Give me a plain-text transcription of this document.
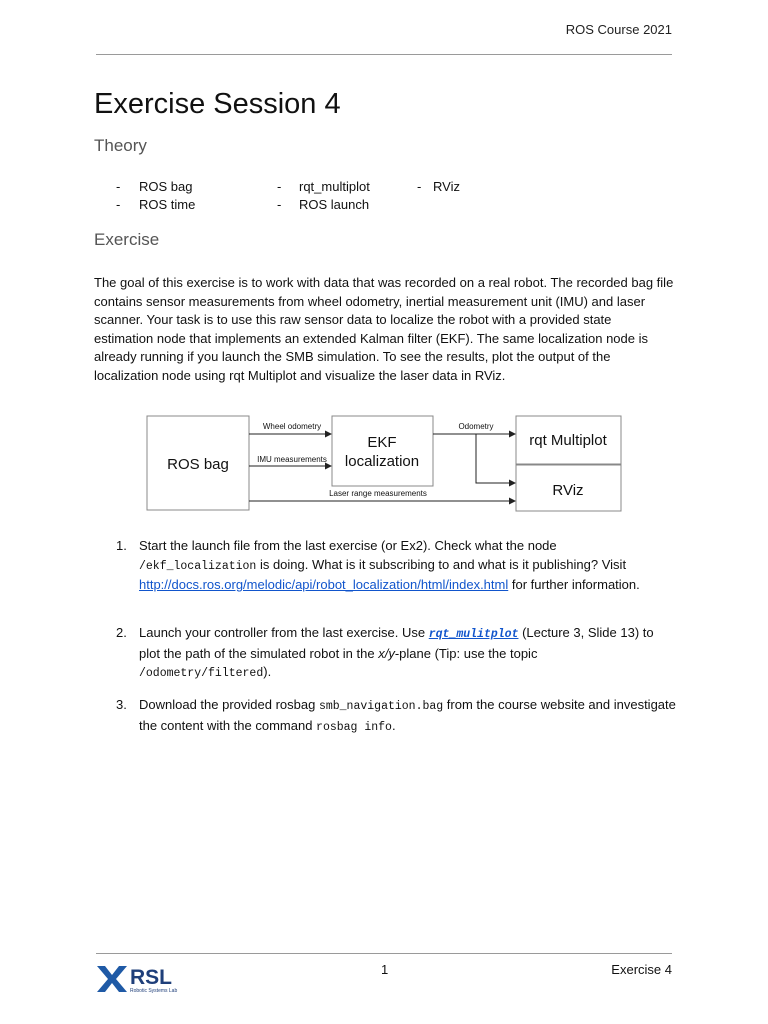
ROS Course 2021
Exercise Session 4
Theory
- ROS bag
- ROS time
- rqt_multiplot
- ROS launch
- RViz
Exercise
The goal of this exercise is to work with data that was recorded on a real robot. The recorded bag file contains sensor measurements from wheel odometry, inertial measurement unit (IMU) and laser scanner. Your task is to use this raw sensor data to localize the robot with a provided state estimation node that implements an extended Kalman filter (EKF). The same localization node is already running if you launch the SMB simulation. To see the results, plot the output of the localization node using rqt Multiplot and visualize the laser data in RViz.
ROS bag
EKF
localization
rqt Multiplot
RViz
Wheel odometry
IMU measurements
Laser range measurements
Odometry
1. Start the launch file from the last exercise (or Ex2). Check what the node
/ekf_localization is doing. What is it subscribing to and what is it publishing? Visit http://docs.ros.org/melodic/api/robot_localization/html/index.html for further information.
2. Launch your controller from the last exercise. Use rqt_mulitplot (Lecture 3, Slide 13) to plot the path of the simulated robot in the x/y-plane (Tip: use the topic
/odometry/filtered).
3. Download the provided rosbag smb_navigation.bag from the course website and investigate the content with the command rosbag info.
RSL
Robotic Systems Lab
1	Exercise 4
